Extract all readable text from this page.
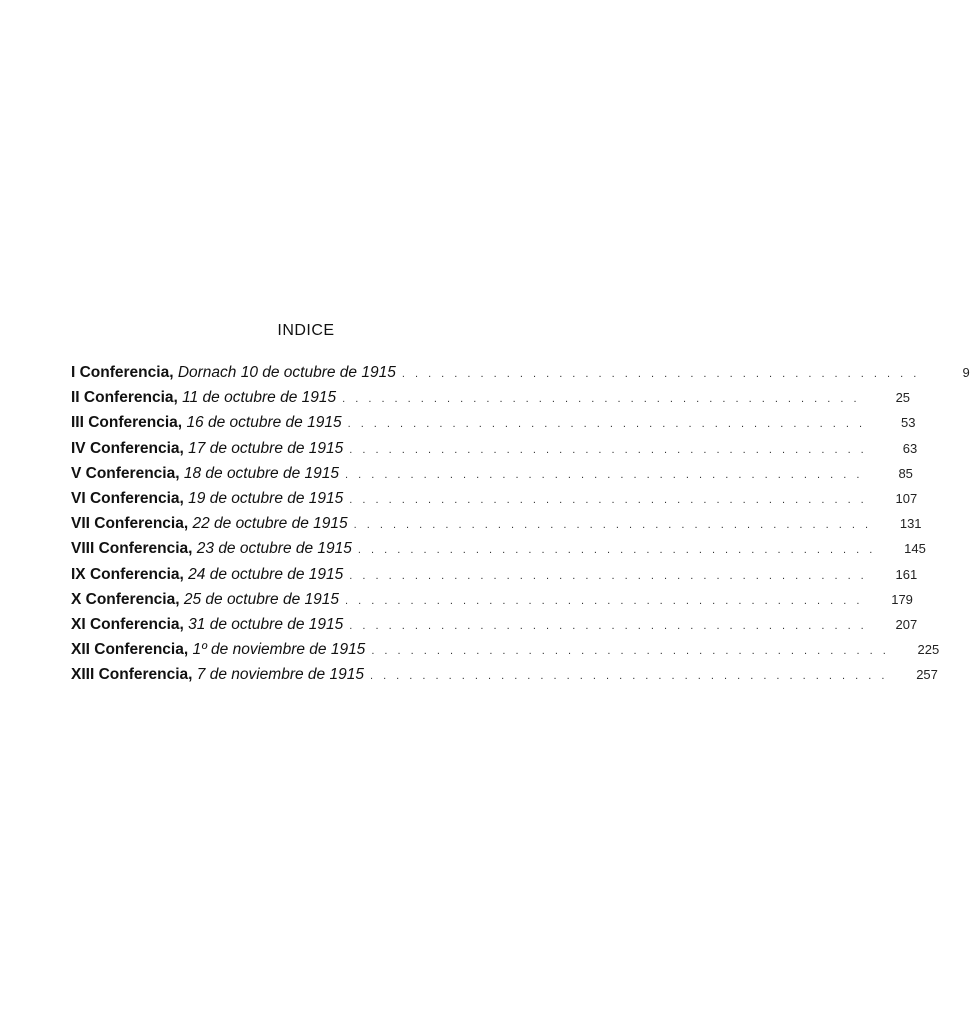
INDICE
I Conferencia, Dornach 10 de octubre de 1915 . . . . . . . . . . . . . . . . . . . . . . . . . . . . . . . . . . . . . . . .	9
II Conferencia, 11 de octubre de 1915 . . . . . . . . . . . . . . . . . . . . . . . . . . . . . . . . . . . . . . . .	25
III Conferencia, 16 de octubre de 1915 . . . . . . . . . . . . . . . . . . . . . . . . . . . . . . . . . . . . . . . .	53
IV Conferencia, 17 de octubre de 1915 . . . . . . . . . . . . . . . . . . . . . . . . . . . . . . . . . . . . . . . .	63
V Conferencia, 18 de octubre de 1915 . . . . . . . . . . . . . . . . . . . . . . . . . . . . . . . . . . . . . . . .	85
VI Conferencia, 19 de octubre de 1915 . . . . . . . . . . . . . . . . . . . . . . . . . . . . . . . . . . . . . . . .	107
VII Conferencia, 22 de octubre de 1915 . . . . . . . . . . . . . . . . . . . . . . . . . . . . . . . . . . . . . . . .	131
VIII Conferencia, 23 de octubre de 1915 . . . . . . . . . . . . . . . . . . . . . . . . . . . . . . . . . . . . . . . .	145
IX Conferencia, 24 de octubre de 1915 . . . . . . . . . . . . . . . . . . . . . . . . . . . . . . . . . . . . . . . .	161
X Conferencia, 25 de octubre de 1915 . . . . . . . . . . . . . . . . . . . . . . . . . . . . . . . . . . . . . . . .	179
XI Conferencia, 31 de octubre de 1915 . . . . . . . . . . . . . . . . . . . . . . . . . . . . . . . . . . . . . . . .	207
XII Conferencia, 1º de noviembre de 1915 . . . . . . . . . . . . . . . . . . . . . . . . . . . . . . . . . . . . . . . .	225
XIII Conferencia, 7 de noviembre de 1915 . . . . . . . . . . . . . . . . . . . . . . . . . . . . . . . . . . . . . . . .	257
